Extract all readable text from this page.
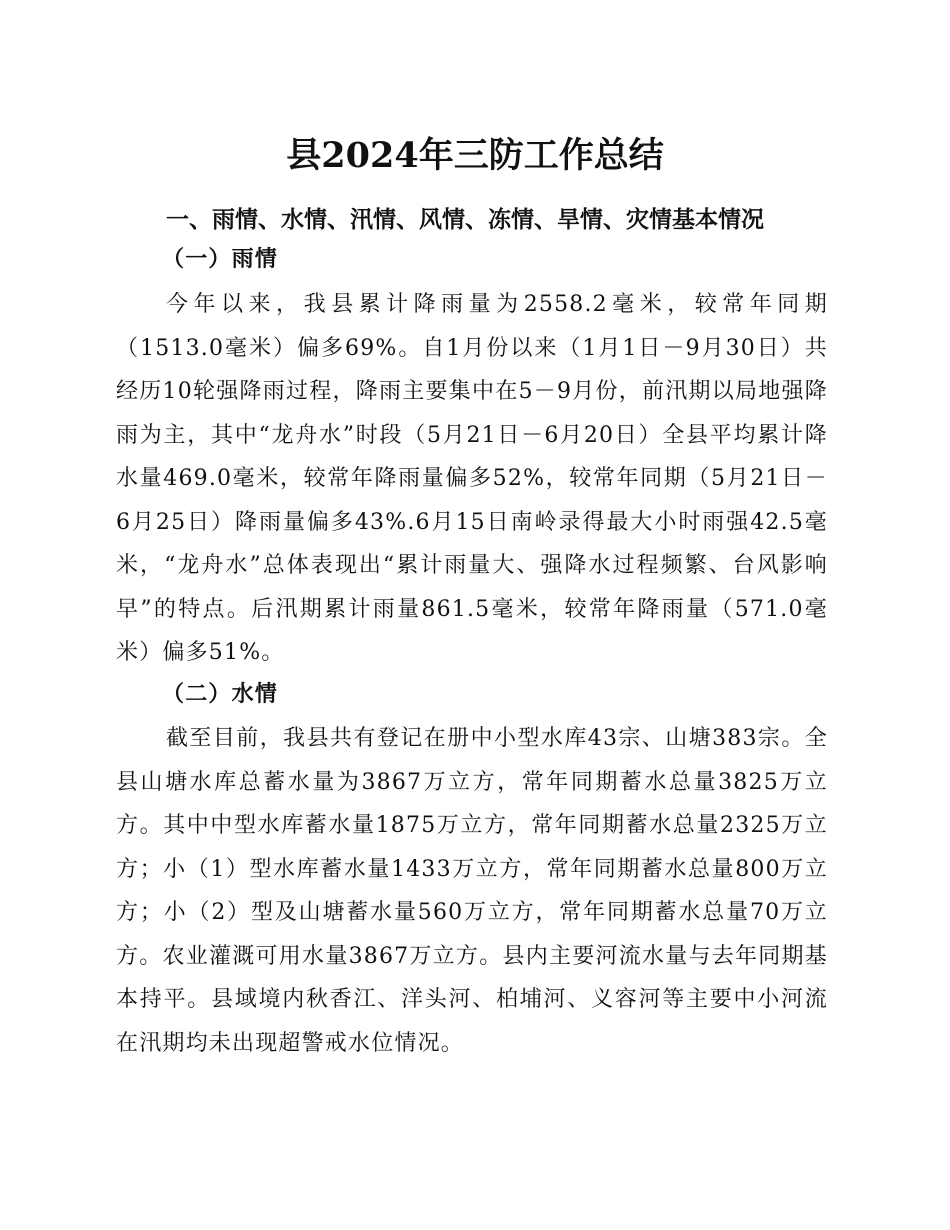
县2024年三防工作总结
一、雨情、水情、汛情、风情、冻情、旱情、灾情基本情况
（一）雨情

今年以来，我县累计降雨量为2558.2毫米，较常年同期（1513.0毫米）偏多69%。自1月份以来（1月1日－9月30日）共经历10轮强降雨过程，降雨主要集中在5－9月份，前汛期以局地强降雨为主，其中“龙舟水”时段（5月21日－6月20日）全县平均累计降水量469.0毫米，较常年降雨量偏多52%，较常年同期（5月21日－6月25日）降雨量偏多43%.6月15日南岭录得最大小时雨强42.5毫米，“龙舟水”总体表现出“累计雨量大、强降水过程频繁、台风影响早”的特点。后汛期累计雨量861.5毫米，较常年降雨量（571.0毫米）偏多51%。

（二）水情

截至目前，我县共有登记在册中小型水库43宗、山塘383宗。全县山塘水库总蓄水量为3867万立方，常年同期蓄水总量3825万立方。其中中型水库蓄水量1875万立方，常年同期蓄水总量2325万立方；小（1）型水库蓄水量1433万立方，常年同期蓄水总量800万立方；小（2）型及山塘蓄水量560万立方，常年同期蓄水总量70万立方。农业灌溉可用水量3867万立方。县内主要河流水量与去年同期基本持平。县域境内秋香江、洋头河、柏埔河、义容河等主要中小河流在汛期均未出现超警戒水位情况。
